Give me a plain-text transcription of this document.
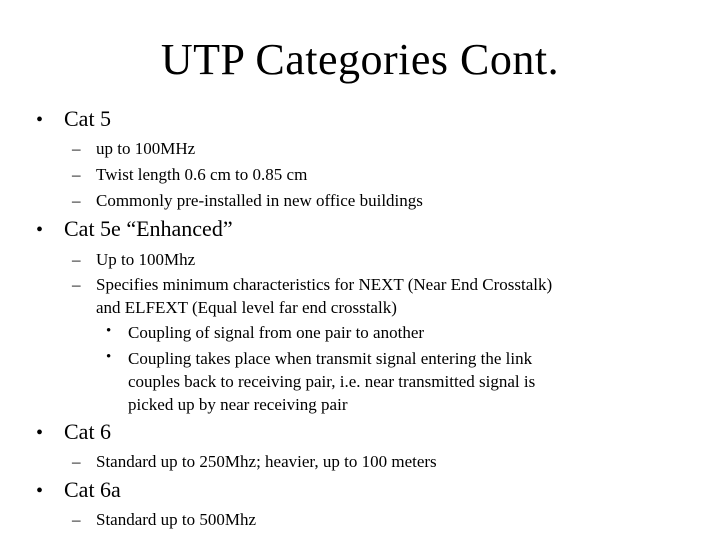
UTP Categories Cont.
• Cat 5
– up to 100MHz
– Twist length 0.6 cm to 0.85 cm
– Commonly pre-installed in new office buildings
• Cat 5e “Enhanced”
– Up to 100Mhz
– Specifies minimum characteristics for NEXT (Near End Crosstalk)
and ELFEXT (Equal level far end crosstalk)
• Coupling of signal from one pair to another
• Coupling takes place when transmit signal entering the link
couples back to receiving pair, i.e. near transmitted signal is
picked up by near receiving pair
• Cat 6
– Standard up to 250Mhz; heavier, up to 100 meters
• Cat 6a
– Standard up to 500Mhz
